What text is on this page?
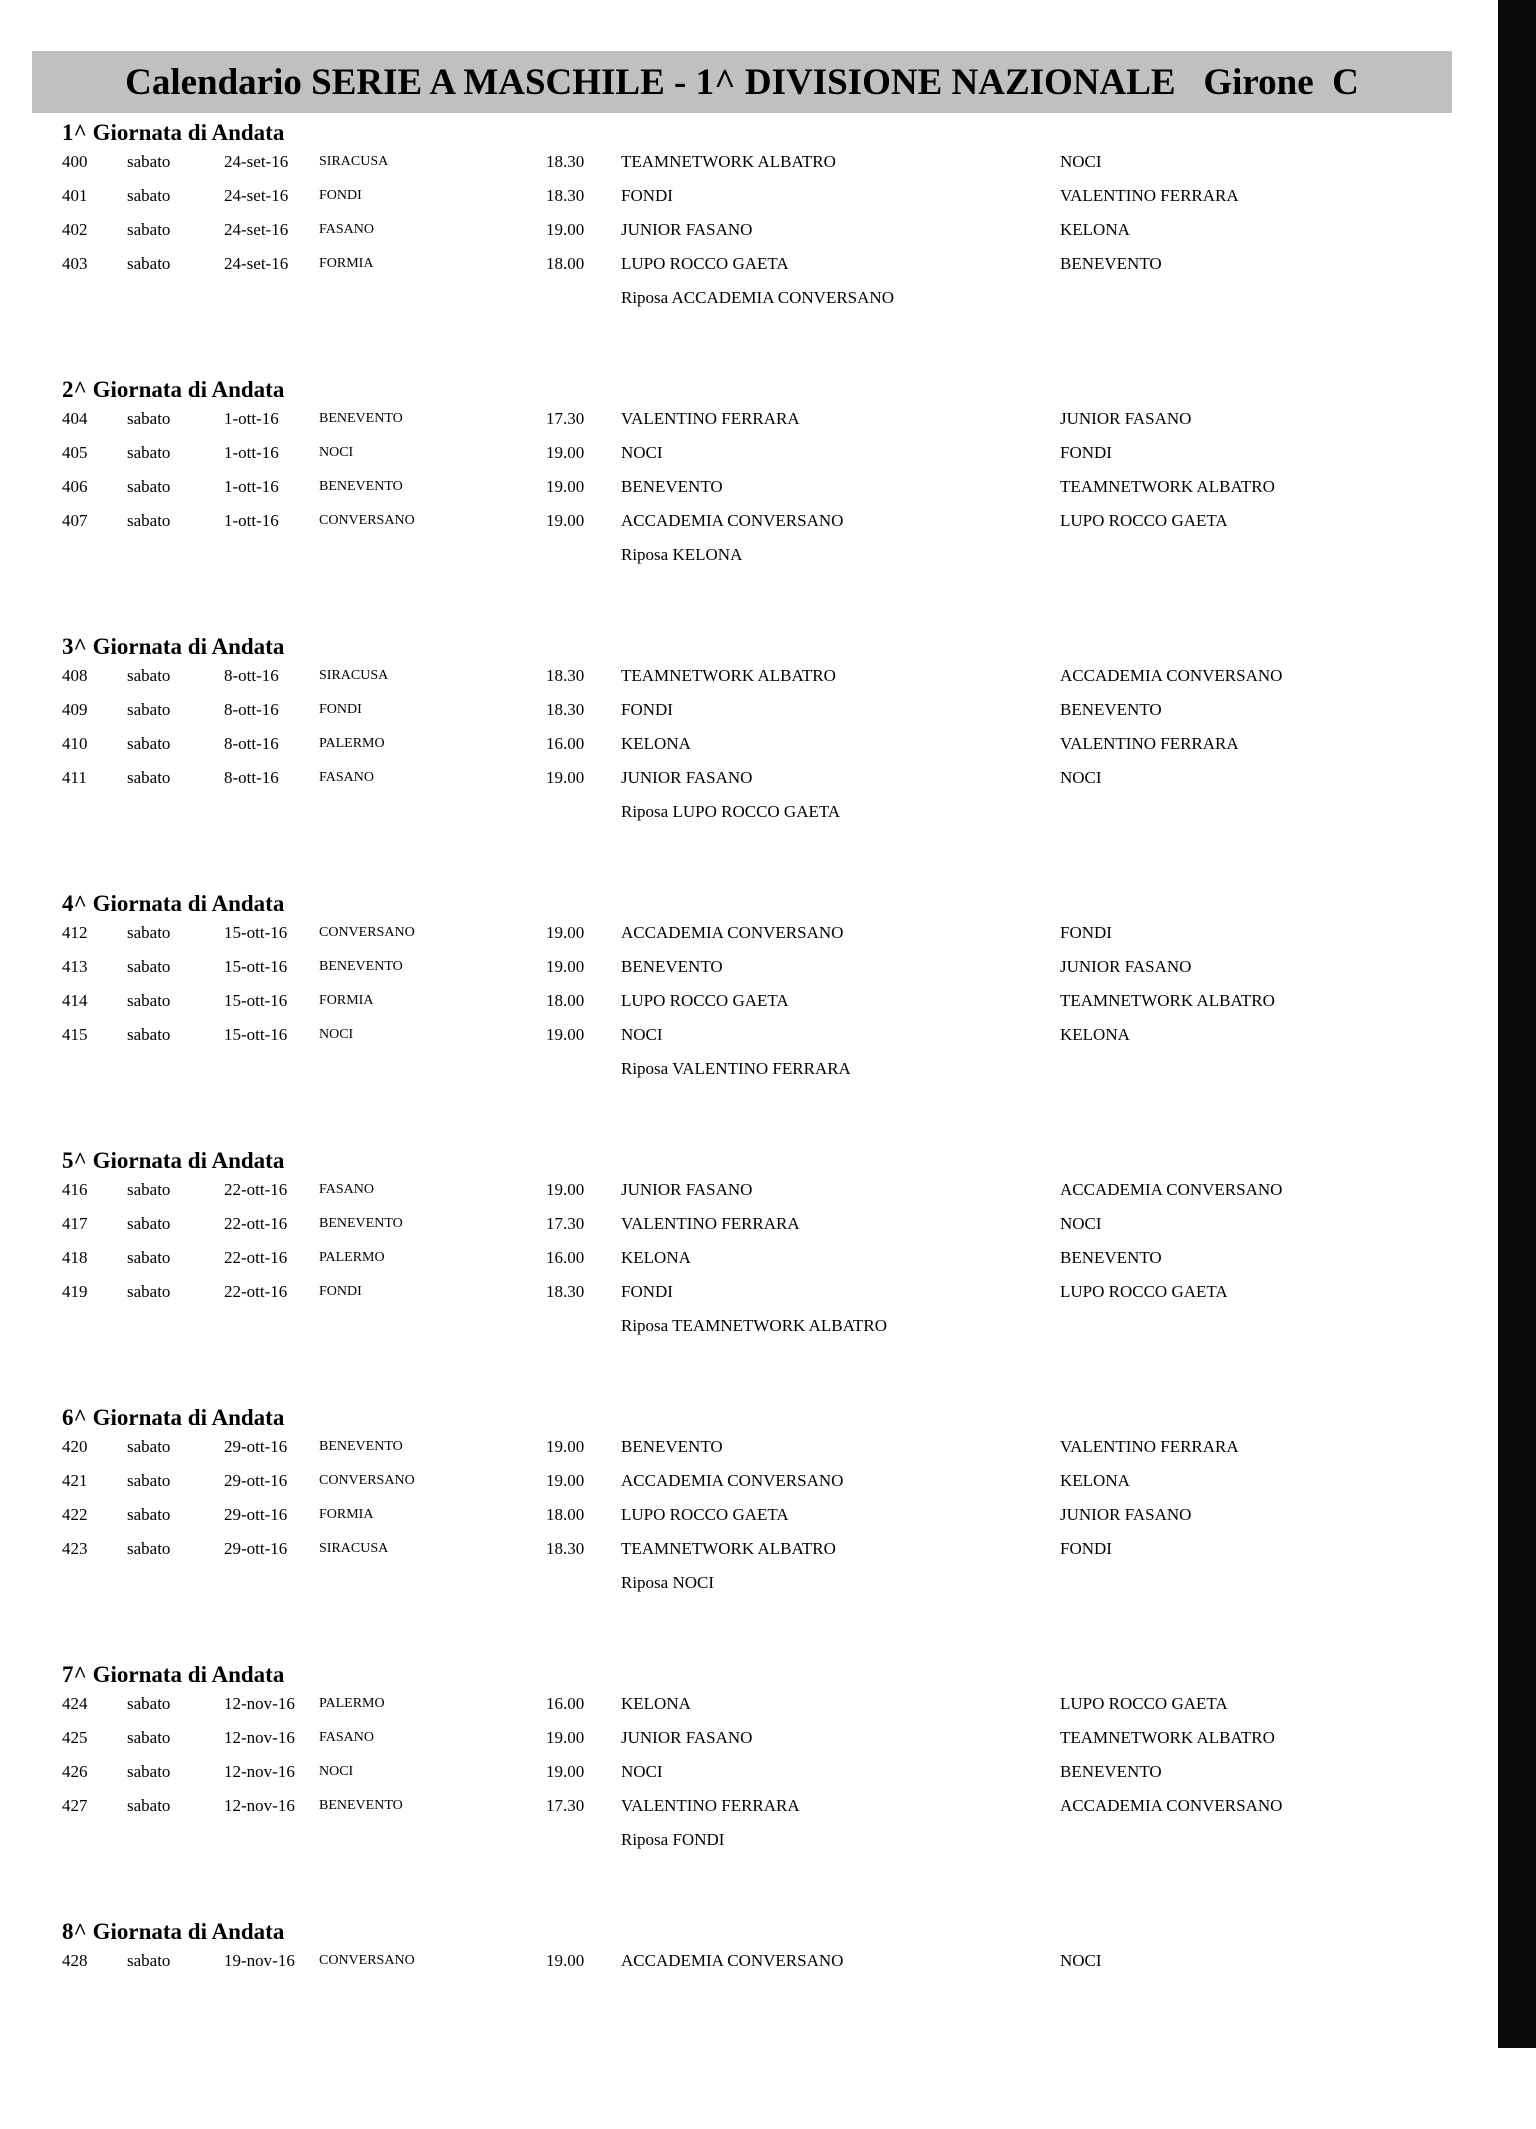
Calendario SERIE A MASCHILE - 1^ DIVISIONE NAZIONALE   Girone  C
1^ Giornata di Andata
400 sabato	24-set-16 SIRACUSA	18.30 TEAMNETWORK ALBATRO	NOCI
401 sabato	24-set-16 FONDI	18.30 FONDI	VALENTINO FERRARA
402 sabato	24-set-16 FASANO	19.00 JUNIOR FASANO	KELONA
403 sabato	24-set-16 FORMIA	18.00 LUPO ROCCO GAETA	BENEVENTO
Riposa ACCADEMIA CONVERSANO
2^ Giornata di Andata
404 sabato	1-ott-16	BENEVENTO	17.30 VALENTINO FERRARA	JUNIOR FASANO
405 sabato	1-ott-16	NOCI	19.00 NOCI	FONDI
406 sabato	1-ott-16	BENEVENTO	19.00 BENEVENTO	TEAMNETWORK ALBATRO
407 sabato	1-ott-16	CONVERSANO	19.00 ACCADEMIA CONVERSANO	LUPO ROCCO GAETA
Riposa KELONA
3^ Giornata di Andata
408 sabato	8-ott-16	SIRACUSA	18.30 TEAMNETWORK ALBATRO	ACCADEMIA CONVERSANO
409 sabato	8-ott-16	FONDI	18.30 FONDI	BENEVENTO
410 sabato	8-ott-16	PALERMO	16.00 KELONA	VALENTINO FERRARA
411 sabato	8-ott-16	FASANO	19.00 JUNIOR FASANO	NOCI
Riposa LUPO ROCCO GAETA
4^ Giornata di Andata
412 sabato	15-ott-16 CONVERSANO	19.00 ACCADEMIA CONVERSANO	FONDI
413 sabato	15-ott-16 BENEVENTO	19.00 BENEVENTO	JUNIOR FASANO
414 sabato	15-ott-16 FORMIA	18.00 LUPO ROCCO GAETA	TEAMNETWORK ALBATRO
415 sabato	15-ott-16 NOCI	19.00 NOCI	KELONA
Riposa VALENTINO FERRARA
5^ Giornata di Andata
416 sabato	22-ott-16 FASANO	19.00 JUNIOR FASANO	ACCADEMIA CONVERSANO
417 sabato	22-ott-16 BENEVENTO	17.30 VALENTINO FERRARA	NOCI
418 sabato	22-ott-16 PALERMO	16.00 KELONA	BENEVENTO
419 sabato	22-ott-16 FONDI	18.30 FONDI	LUPO ROCCO GAETA
Riposa TEAMNETWORK ALBATRO
6^ Giornata di Andata
420 sabato	29-ott-16 BENEVENTO	19.00 BENEVENTO	VALENTINO FERRARA
421 sabato	29-ott-16 CONVERSANO	19.00 ACCADEMIA CONVERSANO	KELONA
422 sabato	29-ott-16 FORMIA	18.00 LUPO ROCCO GAETA	JUNIOR FASANO
423 sabato	29-ott-16 SIRACUSA	18.30 TEAMNETWORK ALBATRO	FONDI
Riposa NOCI
7^ Giornata di Andata
424 sabato	12-nov-16 PALERMO	16.00 KELONA	LUPO ROCCO GAETA
425 sabato	12-nov-16 FASANO	19.00 JUNIOR FASANO	TEAMNETWORK ALBATRO
426 sabato	12-nov-16 NOCI	19.00 NOCI	BENEVENTO
427 sabato	12-nov-16 BENEVENTO	17.30 VALENTINO FERRARA	ACCADEMIA CONVERSANO
Riposa FONDI
8^ Giornata di Andata
428 sabato	19-nov-16 CONVERSANO	19.00 ACCADEMIA CONVERSANO	NOCI
